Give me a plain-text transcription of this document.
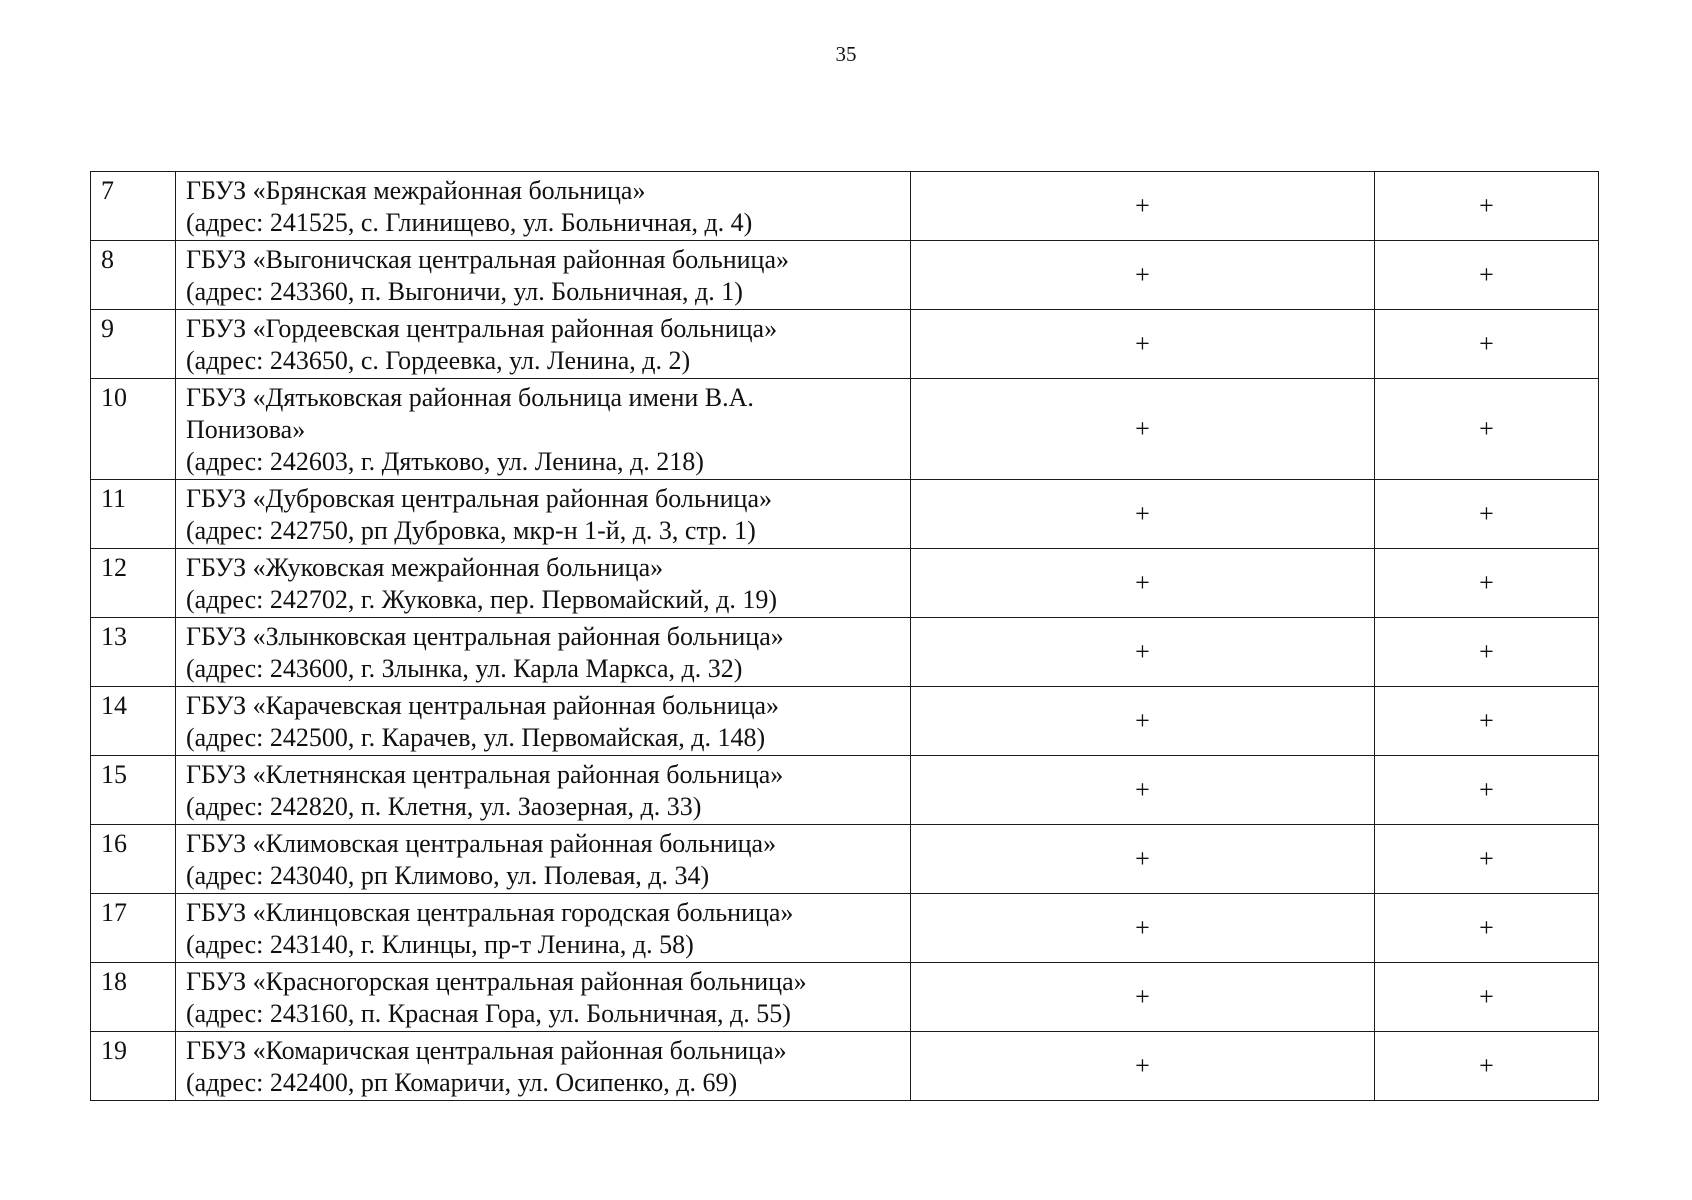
35
7	ГБУЗ «Брянская межрайонная больница»
(адрес: 241525, с. Глинищево, ул. Больничная, д. 4)	+	+
8	ГБУЗ «Выгоничская центральная районная больница»
(адрес: 243360, п. Выгоничи, ул. Больничная, д. 1)	+	+
9	ГБУЗ «Гордеевская центральная районная больница»
(адрес: 243650, с. Гордеевка, ул. Ленина, д. 2)	+	+
10	ГБУЗ «Дятьковская районная больница имени В.А.
Понизова»
(адрес: 242603, г. Дятьково, ул. Ленина, д. 218)	+	+
11	ГБУЗ «Дубровская центральная районная больница»
(адрес: 242750, рп Дубровка, мкр-н 1-й, д. 3, стр. 1)	+	+
12	ГБУЗ «Жуковская межрайонная больница»
(адрес: 242702, г. Жуковка, пер. Первомайский, д. 19)	+	+
13	ГБУЗ «Злынковская центральная районная больница»
(адрес: 243600, г. Злынка, ул. Карла Маркса, д. 32)	+	+
14	ГБУЗ «Карачевская центральная районная больница»
(адрес: 242500, г. Карачев, ул. Первомайская, д. 148)	+	+
15	ГБУЗ «Клетнянская центральная районная больница»
(адрес: 242820, п. Клетня, ул. Заозерная, д. 33)	+	+
16	ГБУЗ «Климовская центральная районная больница»
(адрес: 243040, рп Климово, ул. Полевая, д. 34)	+	+
17	ГБУЗ «Клинцовская центральная городская больница»
(адрес: 243140, г. Клинцы, пр-т Ленина, д. 58)	+	+
18	ГБУЗ «Красногорская центральная районная больница»
(адрес: 243160, п. Красная Гора, ул. Больничная, д. 55)	+	+
19	ГБУЗ «Комаричская центральная районная больница»
(адрес: 242400, рп Комаричи, ул. Осипенко, д. 69)	+	+
